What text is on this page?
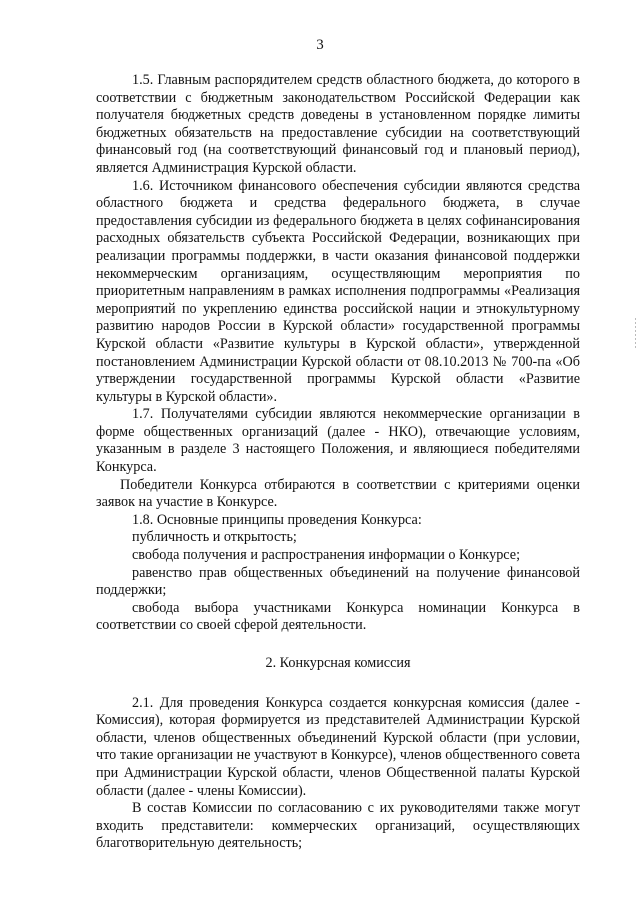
3

1.5. Главным распорядителем средств областного бюджета, до которого в соответствии с бюджетным законодательством Российской Федерации как получателя бюджетных средств доведены в установленном порядке лимиты бюджетных обязательств на предоставление субсидии на соответствующий финансовый год (на соответствующий финансовый год и плановый период), является Администрация Курской области.

1.6. Источником финансового обеспечения субсидии являются средства областного бюджета и средства федерального бюджета, в случае предоставления субсидии из федерального бюджета в целях софинансирования расходных обязательств субъекта Российской Федерации, возникающих при реализации программы поддержки, в части оказания финансовой поддержки некоммерческим организациям, осуществляющим мероприятия по приоритетным направлениям в рамках исполнения подпрограммы «Реализация мероприятий по укреплению единства российской нации и этнокультурному развитию народов России в Курской области» государственной программы Курской области «Развитие культуры в Курской области», утвержденной постановлением Администрации Курской области от 08.10.2013 № 700-па «Об утверждении государственной программы Курской области «Развитие культуры в Курской области».

1.7. Получателями субсидии являются некоммерческие организации в форме общественных организаций (далее - НКО), отвечающие условиям, указанным в разделе 3 настоящего Положения, и являющиеся победителями Конкурса.

Победители Конкурса отбираются в соответствии с критериями оценки заявок на участие в Конкурсе.

1.8. Основные принципы проведения Конкурса:

публичность и открытость;

свобода получения и распространения информации о Конкурсе;

равенство прав общественных объединений на получение финансовой поддержки;

свобода выбора участниками Конкурса номинации Конкурса в соответствии со своей сферой деятельности.

2. Конкурсная комиссия

2.1. Для проведения Конкурса создается конкурсная комиссия (далее - Комиссия), которая формируется из представителей Администрации Курской области, членов общественных объединений Курской области (при условии, что такие организации не участвуют в Конкурсе), членов общественного совета при Администрации Курской области, членов Общественной палаты Курской области (далее - члены Комиссии).

В состав Комиссии по согласованию с их руководителями также могут входить представители: коммерческих организаций, осуществляющих благотворительную деятельность;
